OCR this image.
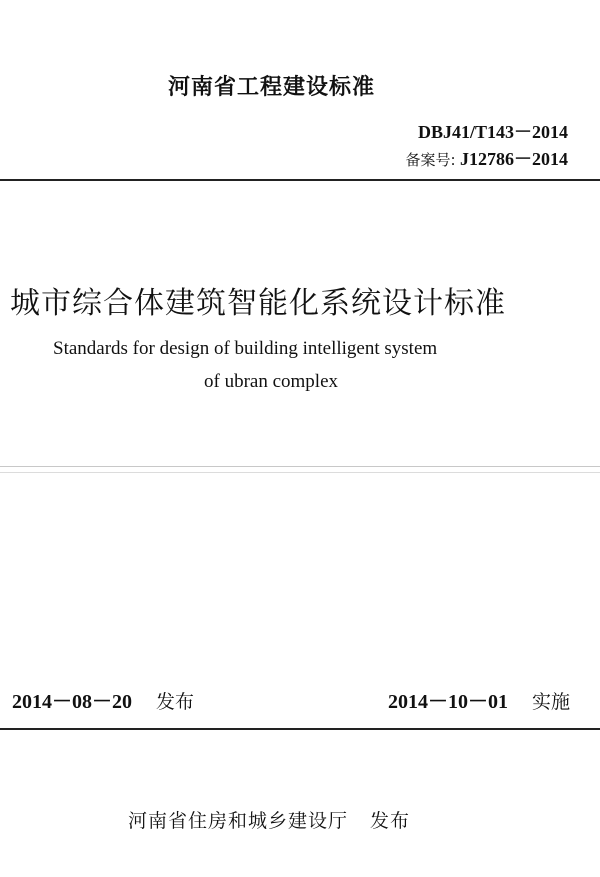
河南省工程建设标准
DBJ41/T143－2014
备案号: J12786－2014
城市综合体建筑智能化系统设计标准
Standards for design of building intelligent system
of ubran complex
2014－08－20 发布	2014－10－01 实施
河南省住房和城乡建设厅 发布
